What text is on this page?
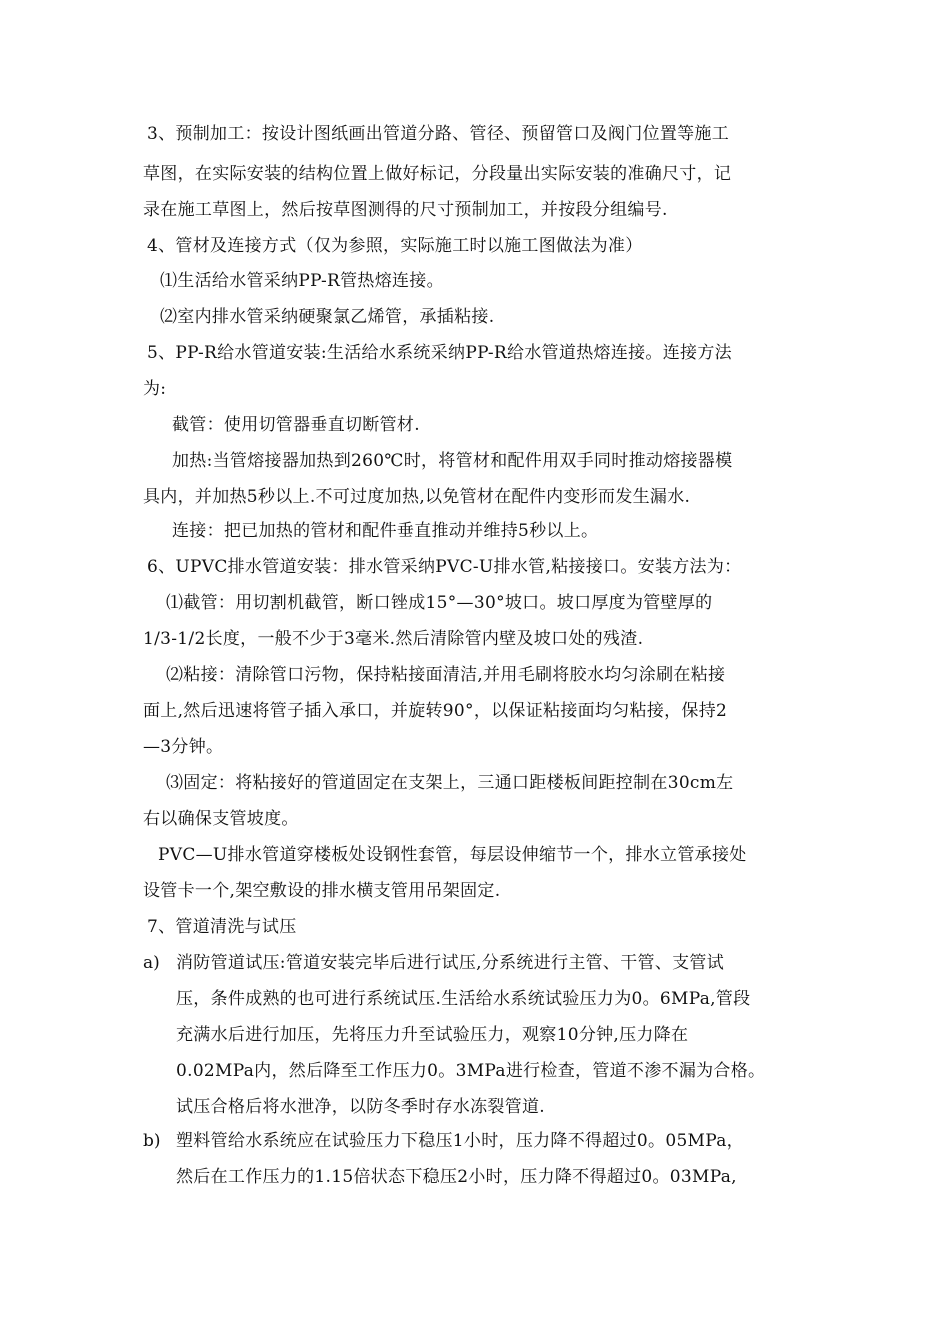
3、预制加工：按设计图纸画出管道分路、管径、预留管口及阀门位置等施工
草图，在实际安装的结构位置上做好标记，分段量出实际安装的准确尺寸，记
录在施工草图上，然后按草图测得的尺寸预制加工，并按段分组编号.
4、管材及连接方式（仅为参照，实际施工时以施工图做法为准）
⑴生活给水管采纳PP-R管热熔连接。
⑵室内排水管采纳硬聚氯乙烯管，承插粘接.
5、PP-R给水管道安装:生活给水系统采纳PP-R给水管道热熔连接。连接方法
为:
截管：使用切管器垂直切断管材.
加热:当管熔接器加热到260℃时，将管材和配件用双手同时推动熔接器模
具内，并加热5秒以上.不可过度加热,以免管材在配件内变形而发生漏水.
连接：把已加热的管材和配件垂直推动并维持5秒以上。
6、UPVC排水管道安装：排水管采纳PVC-U排水管,粘接接口。安装方法为：
⑴截管：用切割机截管，断口锉成15°—30°坡口。坡口厚度为管壁厚的
1/3-1/2长度，一般不少于3毫米.然后清除管内壁及坡口处的残渣.
⑵粘接：清除管口污物，保持粘接面清洁,并用毛刷将胶水均匀涂刷在粘接
面上,然后迅速将管子插入承口，并旋转90°，以保证粘接面均匀粘接，保持2
—3分钟。
⑶固定：将粘接好的管道固定在支架上，三通口距楼板间距控制在30cm左
右以确保支管坡度。
PVC—U排水管道穿楼板处设钢性套管，每层设伸缩节一个，排水立管承接处
设管卡一个,架空敷设的排水横支管用吊架固定.
7、管道清洗与试压
a) 消防管道试压:管道安装完毕后进行试压,分系统进行主管、干管、支管试
压，条件成熟的也可进行系统试压.生活给水系统试验压力为0。6MPa,管段
充满水后进行加压，先将压力升至试验压力，观察10分钟,压力降在
0.02MPa内，然后降至工作压力0。3MPa进行检查，管道不渗不漏为合格。
试压合格后将水泄净，以防冬季时存水冻裂管道.
b) 塑料管给水系统应在试验压力下稳压1小时，压力降不得超过0。05MPa，
然后在工作压力的1.15倍状态下稳压2小时，压力降不得超过0。03MPa,
